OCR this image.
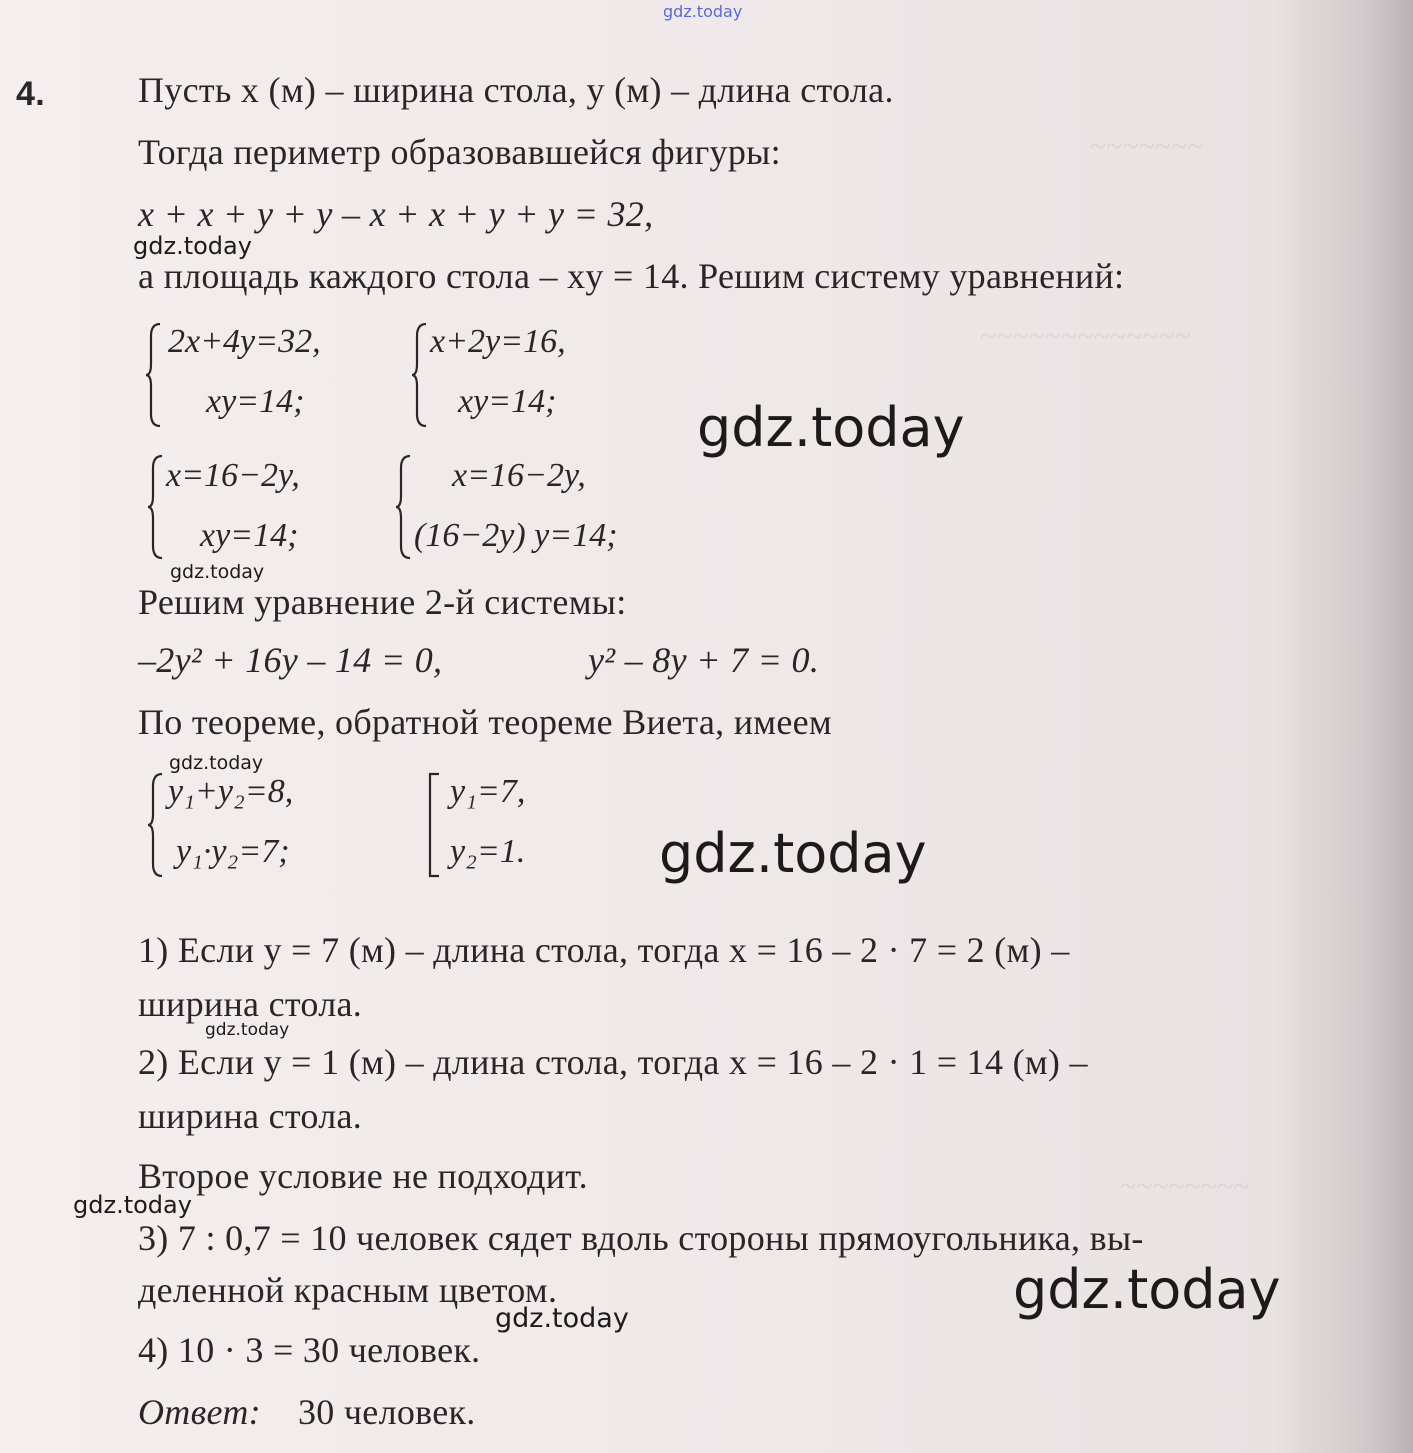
~~~~~~~
~~~~~~~~~~~~~
~~~~~~~~
gdz.today
gdz.today
gdz.today
gdz.today
gdz.today
gdz.today
gdz.today
gdz.today
gdz.today
gdz.today
4.	Пусть x (м) – ширина стола, y (м) – длина стола.
Тогда периметр образовавшейся фигуры:
x + x + y + y – x + x + y + y = 32,
а площадь каждого стола – xy = 14. Решим систему уравнений:
2x+4y=32,
xy=14;
x+2y=16,
xy=14;
x=16−2y,
xy=14;
x=16−2y,
(16−2y) y=14;
Решим уравнение 2-й системы:
–2y² + 16y – 14 = 0,	y² – 8y + 7 = 0.
По теореме, обратной теореме Виета, имеем
y₁+y₂=8,
y₁·y₂=7;
y₁=7,
y₂=1.
1) Если y = 7 (м) – длина стола, тогда x = 16 – 2 · 7 = 2 (м) –
ширина стола.
2) Если y = 1 (м) – длина стола, тогда x = 16 – 2 · 1 = 14 (м) –
ширина стола.
Второе условие не подходит.
3) 7 : 0,7 = 10 человек сядет вдоль стороны прямоугольника, вы-
деленной красным цветом.
4) 10 · 3 = 30 человек.
Ответ: 30 человек.
